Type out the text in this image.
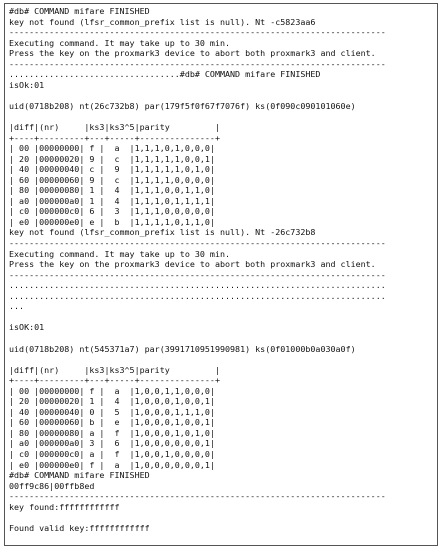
#db# COMMAND mifare FINISHED
key not found (lfsr_common_prefix list is null). Nt -c5823aa6
---------------------------------------------------------------------------
Executing command. It may take up to 30 min.
Press the key on the proxmark3 device to abort both proxmark3 and client.
---------------------------------------------------------------------------
..................................#db# COMMAND mifare FINISHED
isOk:01
uid(0718b208) nt(26c732b8) par(179f5f0f67f7076f) ks(0f090c090101060e)
|diff|(nr)     |ks3|ks3^5|parity         |
+----+---------+---+-----+---------------+
| 00 |00000000| f |  a  |1,1,1,0,1,0,0,0|
| 20 |00000020| 9 |  c  |1,1,1,1,1,0,0,1|
| 40 |00000040| c |  9  |1,1,1,1,1,0,1,0|
| 60 |00000060| 9 |  c  |1,1,1,1,0,0,0,0|
| 80 |00000080| 1 |  4  |1,1,1,0,0,1,1,0|
| a0 |000000a0| 1 |  4  |1,1,1,0,1,1,1,1|
| c0 |000000c0| 6 |  3  |1,1,1,0,0,0,0,0|
| e0 |000000e0| e |  b  |1,1,1,1,0,1,1,0|
key not found (lfsr_common_prefix list is null). Nt -26c732b8
---------------------------------------------------------------------------
Executing command. It may take up to 30 min.
Press the key on the proxmark3 device to abort both proxmark3 and client.
---------------------------------------------------------------------------
...........................................................................
...........................................................................
...
isOK:01
uid(0718b208) nt(545371a7) par(3991710951990981) ks(0f01000b0a030a0f)
|diff|(nr)     |ks3|ks3^5|parity         |
+----+---------+---+-----+---------------+
| 00 |00000000| f |  a  |1,0,0,1,1,0,0,0|
| 20 |00000020| 1 |  4  |1,0,0,0,1,0,0,1|
| 40 |00000040| 0 |  5  |1,0,0,0,1,1,1,0|
| 60 |00000060| b |  e  |1,0,0,0,1,0,0,1|
| 80 |00000080| a |  f  |1,0,0,0,1,0,1,0|
| a0 |000000a0| 3 |  6  |1,0,0,0,0,0,0,1|
| c0 |000000c0| a |  f  |1,0,0,1,0,0,0,0|
| e0 |000000e0| f |  a  |1,0,0,0,0,0,0,1|
#db# COMMAND mifare FINISHED
00ff9c86|00ffb8ed
---------------------------------------------------------------------------
key found:ffffffffffff
Found valid key:ffffffffffff
